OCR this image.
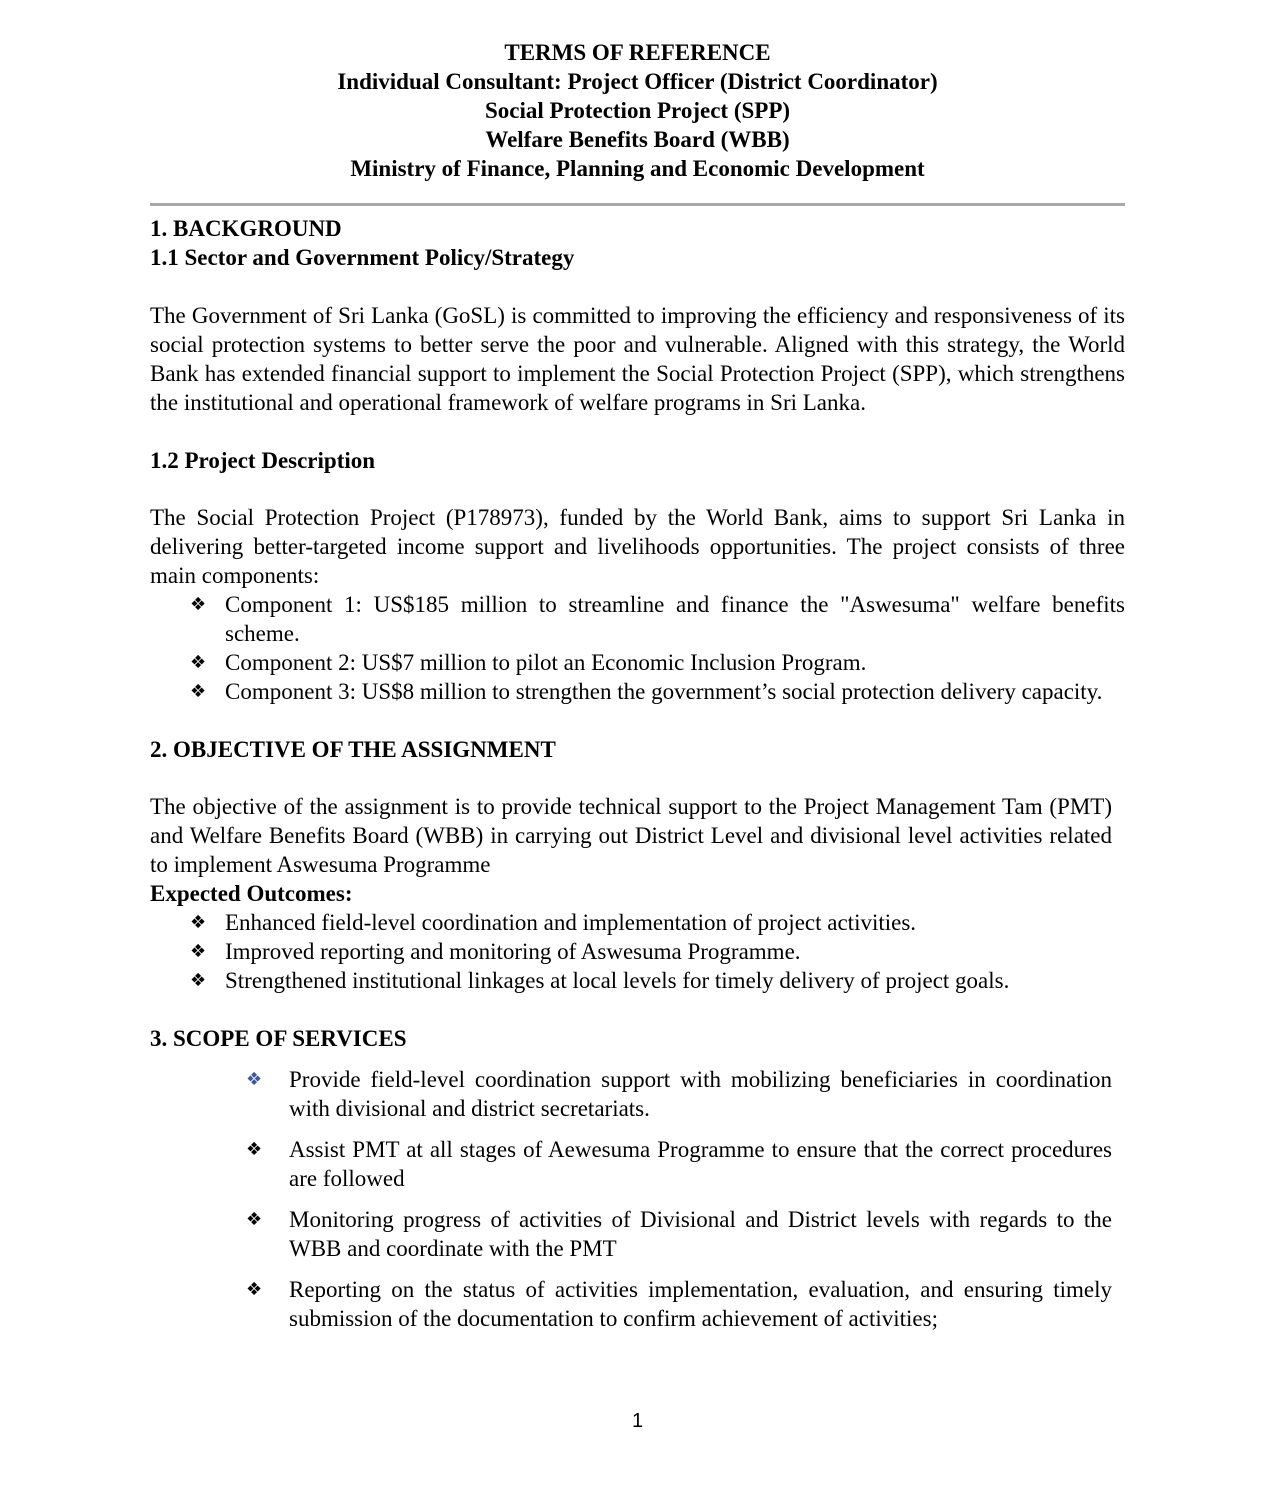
TERMS OF REFERENCE
Individual Consultant: Project Officer (District Coordinator)
Social Protection Project (SPP)
Welfare Benefits Board (WBB)
Ministry of Finance, Planning and Economic Development
1. BACKGROUND
1.1 Sector and Government Policy/Strategy
The Government of Sri Lanka (GoSL) is committed to improving the efficiency and responsiveness of its social protection systems to better serve the poor and vulnerable. Aligned with this strategy, the World Bank has extended financial support to implement the Social Protection Project (SPP), which strengthens the institutional and operational framework of welfare programs in Sri Lanka.
1.2 Project Description
The Social Protection Project (P178973), funded by the World Bank, aims to support Sri Lanka in delivering better-targeted income support and livelihoods opportunities. The project consists of three main components:
❖ Component 1: US$185 million to streamline and finance the "Aswesuma" welfare benefits scheme.
❖ Component 2: US$7 million to pilot an Economic Inclusion Program.
❖ Component 3: US$8 million to strengthen the government’s social protection delivery capacity.
2. OBJECTIVE OF THE ASSIGNMENT
The objective of the assignment is to provide technical support to the Project Management Tam (PMT) and Welfare Benefits Board (WBB) in carrying out District Level and divisional level activities related to implement Aswesuma Programme
Expected Outcomes:
❖ Enhanced field-level coordination and implementation of project activities.
❖ Improved reporting and monitoring of Aswesuma Programme.
❖ Strengthened institutional linkages at local levels for timely delivery of project goals.
3. SCOPE OF SERVICES
❖ Provide field-level coordination support with mobilizing beneficiaries in coordination with divisional and district secretariats.
❖ Assist PMT at all stages of Aewesuma Programme to ensure that the correct procedures are followed
❖ Monitoring progress of activities of Divisional and District levels with regards to the WBB and coordinate with the PMT
❖ Reporting on the status of activities implementation, evaluation, and ensuring timely submission of the documentation to confirm achievement of activities;
1
